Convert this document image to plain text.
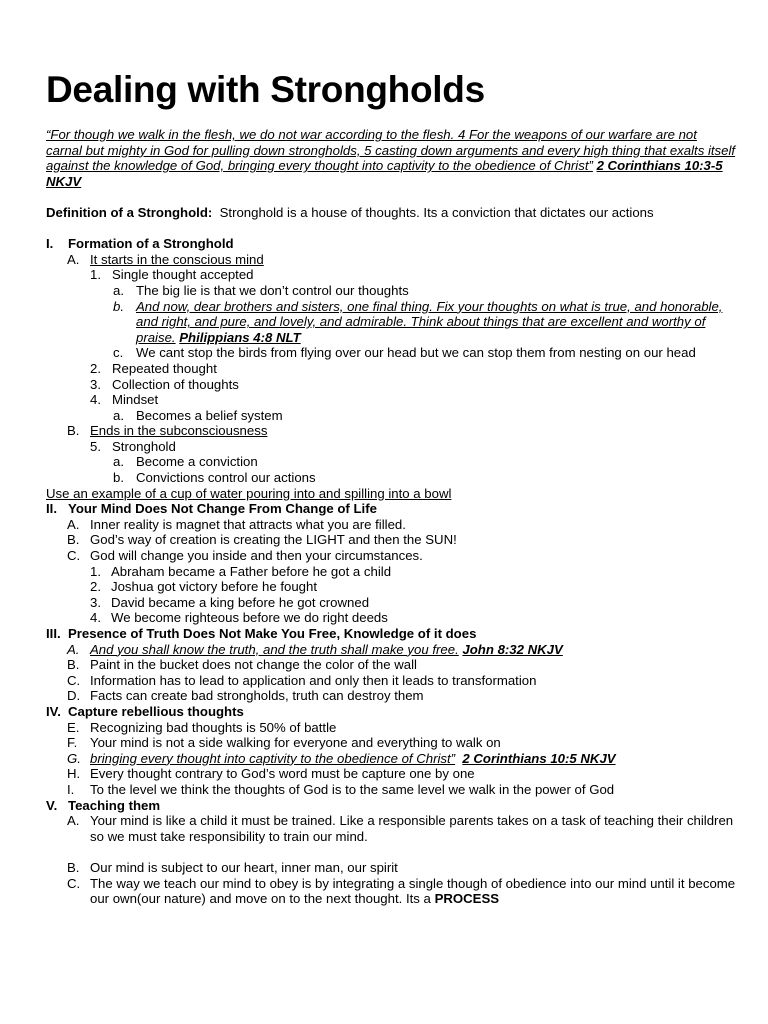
Dealing with Strongholds

“For though we walk in the flesh, we do not war according to the flesh. 4 For the weapons of our warfare are not carnal but mighty in God for pulling down strongholds, 5 casting down arguments and every high thing that exalts itself against the knowledge of God, bringing every thought into captivity to the obedience of Christ” 2 Corinthians 10:3-5 NKJV

Definition of a Stronghold: Stronghold is a house of thoughts. Its a conviction that dictates our actions

I.	Formation of a Stronghold
A. It starts in the conscious mind
1. Single thought accepted
a. The big lie is that we don’t control our thoughts
b. And now, dear brothers and sisters, one final thing. Fix your thoughts on what is true, and honorable, and right, and pure, and lovely, and admirable. Think about things that are excellent and worthy of praise. Philippians 4:8 NLT
c. We cant stop the birds from flying over our head but we can stop them from nesting on our head
2. Repeated thought
3. Collection of thoughts
4. Mindset
a. Becomes a belief system
B. Ends in the subconsciousness
5. Stronghold
a. Become a conviction
b. Convictions control our actions

Use an example of a cup of water pouring into and spilling into a bowl

II. Your Mind Does Not Change From Change of Life
A. Inner reality is magnet that attracts what you are filled.
B. God’s way of creation is creating the LIGHT and then the SUN!
C. God will change you inside and then your circumstances.
1. Abraham became a Father before he got a child
2. Joshua got victory before he fought
3. David became a king before he got crowned
4. We become righteous before we do right deeds
III. Presence of Truth Does Not Make You Free, Knowledge of it does
A. And you shall know the truth, and the truth shall make you free. John 8:32 NKJV
B. Paint in the bucket does not change the color of the wall
C. Information has to lead to application and only then it leads to transformation
D. Facts can create bad strongholds, truth can destroy them
IV. Capture rebellious thoughts
E. Recognizing bad thoughts is 50% of battle
F. Your mind is not a side walking for everyone and everything to walk on
G. bringing every thought into captivity to the obedience of Christ” 2 Corinthians 10:5 NKJV
H. Every thought contrary to God’s word must be capture one by one
I.	To the level we think the thoughts of God is to the same level we walk in the power of God
V. Teaching them
A. Your mind is like a child it must be trained. Like a responsible parents takes on a task of teaching their children so we must take responsibility to train our mind.
B. Our mind is subject to our heart, inner man, our spirit
C. The way we teach our mind to obey is by integrating a single though of obedience into our mind until it become our own(our nature) and move on to the next thought. Its a PROCESS
